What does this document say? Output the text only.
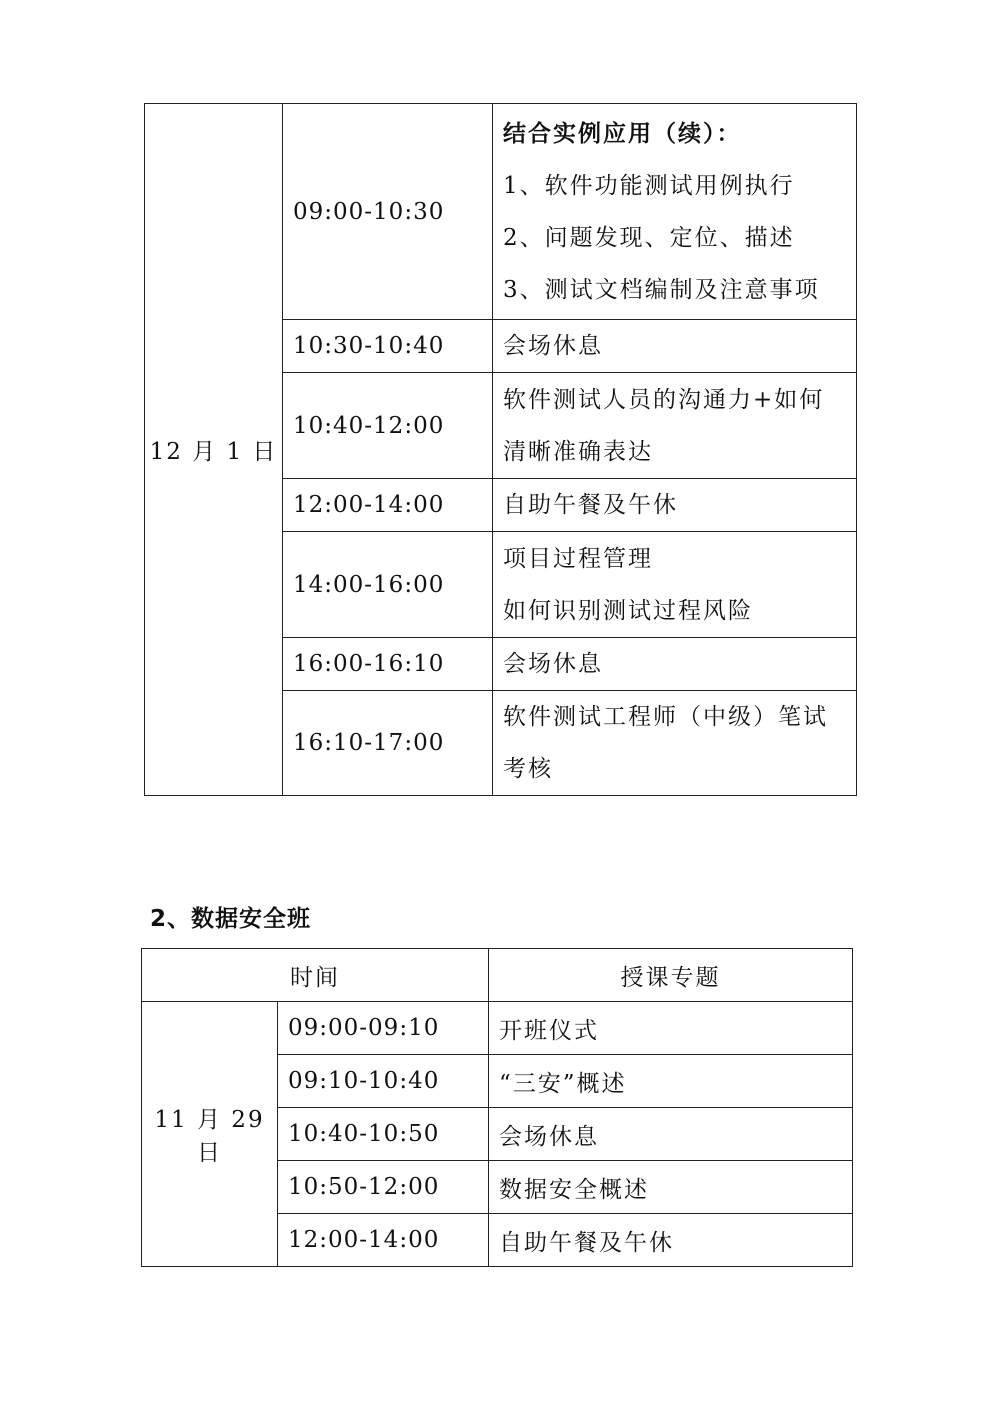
12 月 1 日	09:00-10:30	结合实例应用（续）：
1、软件功能测试用例执行
2、问题发现、定位、描述
3、测试文档编制及注意事项

	10:30-10:40	会场休息

	10:40-12:00	软件测试人员的沟通力+如何
清晰准确表达

	12:00-14:00	自助午餐及午休

	14:00-16:00	项目过程管理
如何识别测试过程风险

	16:00-16:10	会场休息

	16:10-17:00	软件测试工程师（中级）笔试
考核
2、数据安全班
时间		授课专题
11 月 29 日	09:00-09:10	开班仪式
	09:10-10:40	“三安”概述
	10:40-10:50	会场休息
	10:50-12:00	数据安全概述
	12:00-14:00	自助午餐及午休
